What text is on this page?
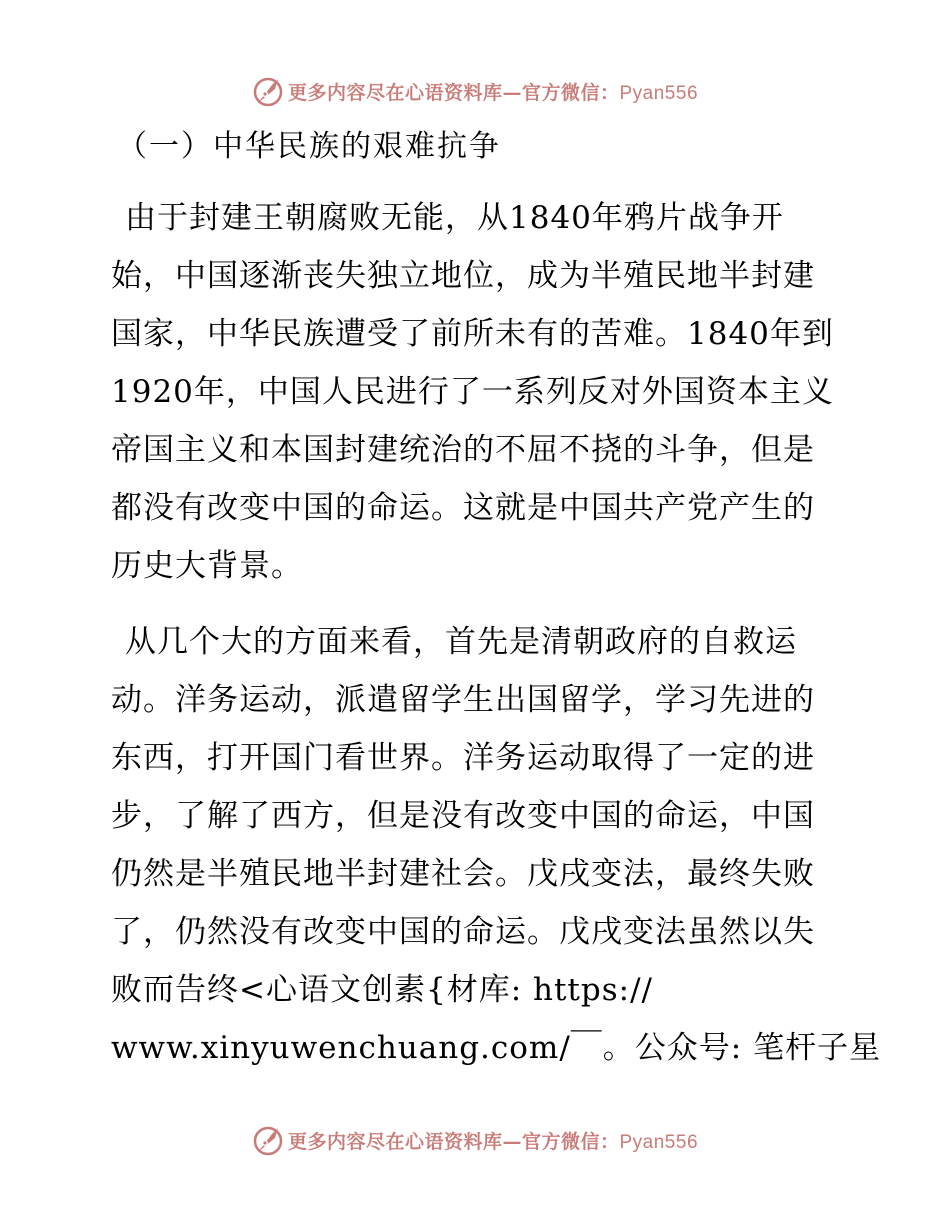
更多内容尽在心语资料库—官方微信：Pyan556
（一）中华民族的艰难抗争
由于封建王朝腐败无能，从1840年鸦片战争开
始，中国逐渐丧失独立地位，成为半殖民地半封建
国家，中华民族遭受了前所未有的苦难。1840年到
1920年，中国人民进行了一系列反对外国资本主义
帝国主义和本国封建统治的不屈不挠的斗争，但是
都没有改变中国的命运。这就是中国共产党产生的
历史大背景。
从几个大的方面来看，首先是清朝政府的自救运
动。洋务运动，派遣留学生出国留学，学习先进的
东西，打开国门看世界。洋务运动取得了一定的进
步，了解了西方，但是没有改变中国的命运，中国
仍然是半殖民地半封建社会。戊戌变法，最终失败
了，仍然没有改变中国的命运。戊戌变法虽然以失
败而告终<心语文创素{材库: https://
www.xinyuwenchuang.com/￣。公众号: 笔杆子星
更多内容尽在心语资料库—官方微信：Pyan556
